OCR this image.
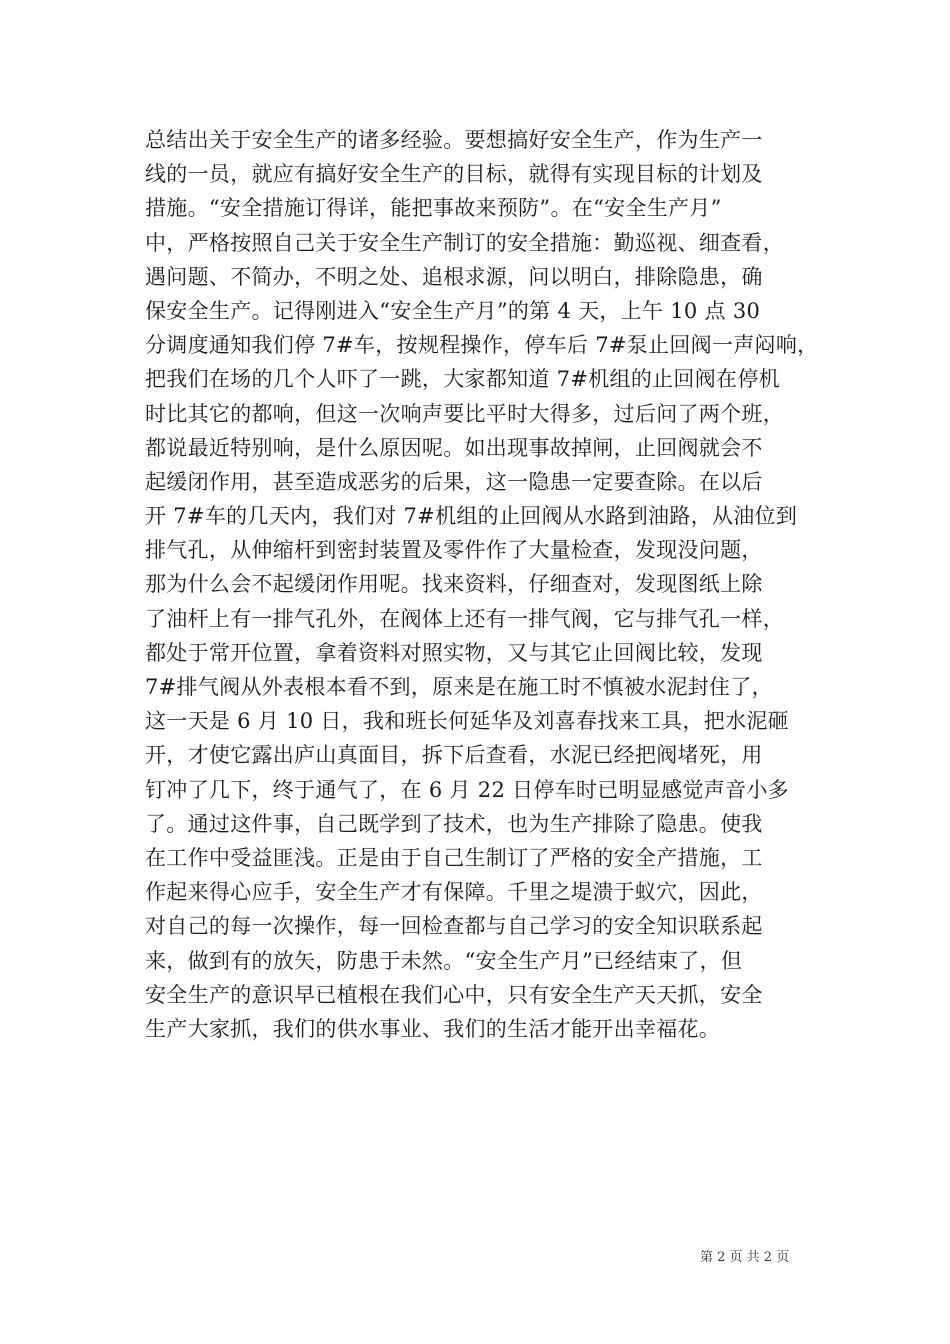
总结出关于安全生产的诸多经验。要想搞好安全生产，作为生产一
线的一员，就应有搞好安全生产的目标，就得有实现目标的计划及
措施。“安全措施订得详，能把事故来预防”。在“安全生产月”
中，严格按照自己关于安全生产制订的安全措施：勤巡视、细查看，
遇问题、不简办，不明之处、追根求源，问以明白，排除隐患，确
保安全生产。记得刚进入“安全生产月”的第 4 天，上午 10 点 30
分调度通知我们停 7#车，按规程操作，停车后 7#泵止回阀一声闷响，
把我们在场的几个人吓了一跳，大家都知道 7#机组的止回阀在停机
时比其它的都响，但这一次响声要比平时大得多，过后问了两个班，
都说最近特别响，是什么原因呢。如出现事故掉闸，止回阀就会不
起缓闭作用，甚至造成恶劣的后果，这一隐患一定要查除。在以后
开 7#车的几天内，我们对 7#机组的止回阀从水路到油路，从油位到
排气孔，从伸缩杆到密封装置及零件作了大量检查，发现没问题，
那为什么会不起缓闭作用呢。找来资料，仔细查对，发现图纸上除
了油杆上有一排气孔外，在阀体上还有一排气阀，它与排气孔一样，
都处于常开位置，拿着资料对照实物，又与其它止回阀比较，发现
7#排气阀从外表根本看不到，原来是在施工时不慎被水泥封住了，
这一天是 6 月 10 日，我和班长何延华及刘喜春找来工具，把水泥砸
开，才使它露出庐山真面目，拆下后查看，水泥已经把阀堵死，用
钉冲了几下，终于通气了，在 6 月 22 日停车时已明显感觉声音小多
了。通过这件事，自己既学到了技术，也为生产排除了隐患。使我
在工作中受益匪浅。正是由于自己生制订了严格的安全产措施，工
作起来得心应手，安全生产才有保障。千里之堤溃于蚁穴，因此，
对自己的每一次操作，每一回检查都与自己学习的安全知识联系起
来，做到有的放矢，防患于未然。“安全生产月”已经结束了，但
安全生产的意识早已植根在我们心中，只有安全生产天天抓，安全
生产大家抓，我们的供水事业、我们的生活才能开出幸福花。
第 2 页 共 2 页
